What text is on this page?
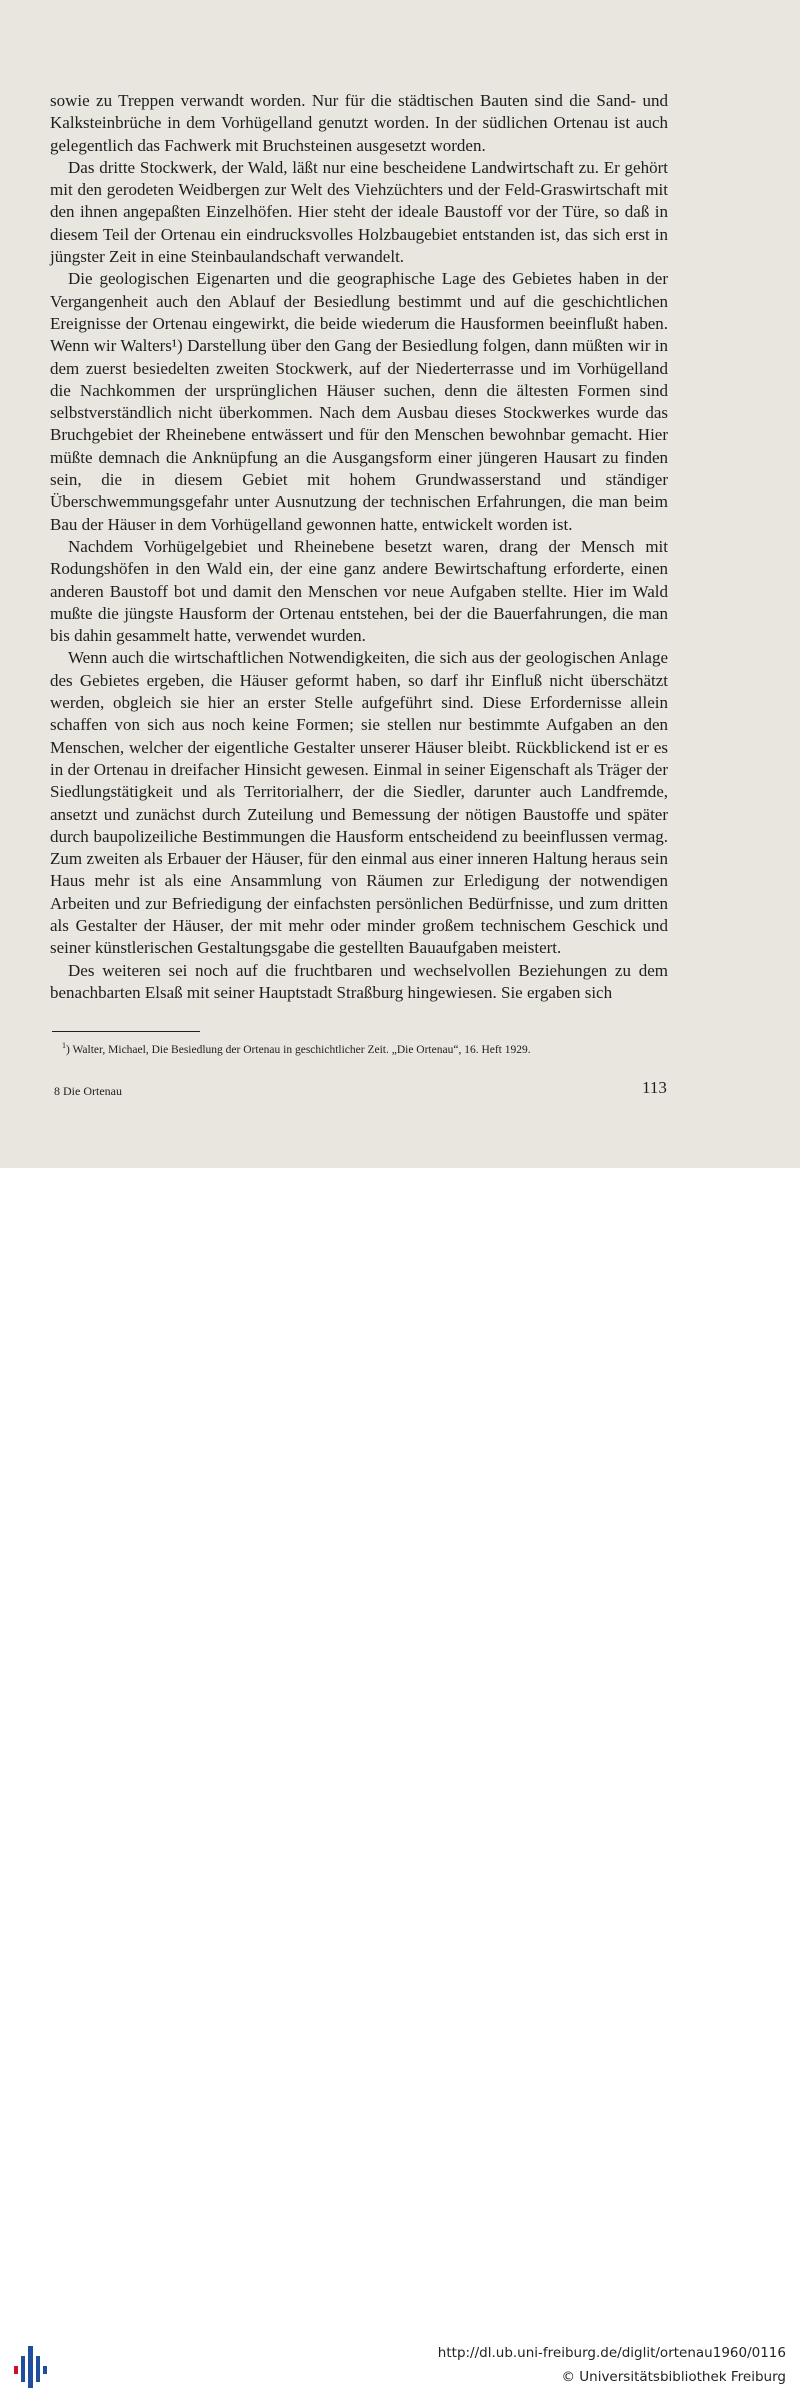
sowie zu Treppen verwandt worden. Nur für die städtischen Bauten sind die Sand- und Kalksteinbrüche in dem Vorhügelland genutzt worden. In der südlichen Ortenau ist auch gelegentlich das Fachwerk mit Bruchsteinen ausgesetzt worden.

Das dritte Stockwerk, der Wald, läßt nur eine bescheidene Landwirtschaft zu. Er gehört mit den gerodeten Weidbergen zur Welt des Viehzüchters und der Feld-Graswirtschaft mit den ihnen angepaßten Einzelhöfen. Hier steht der ideale Baustoff vor der Türe, so daß in diesem Teil der Ortenau ein eindrucksvolles Holzbaugebiet entstanden ist, das sich erst in jüngster Zeit in eine Steinbaulandschaft verwandelt.

Die geologischen Eigenarten und die geographische Lage des Gebietes haben in der Vergangenheit auch den Ablauf der Besiedlung bestimmt und auf die geschichtlichen Ereignisse der Ortenau eingewirkt, die beide wiederum die Hausformen beeinflußt haben. Wenn wir Walters¹) Darstellung über den Gang der Besiedlung folgen, dann müßten wir in dem zuerst besiedelten zweiten Stockwerk, auf der Niederterrasse und im Vorhügelland die Nachkommen der ursprünglichen Häuser suchen, denn die ältesten Formen sind selbstverständlich nicht überkommen. Nach dem Ausbau dieses Stockwerkes wurde das Bruchgebiet der Rheinebene entwässert und für den Menschen bewohnbar gemacht. Hier müßte demnach die Anknüpfung an die Ausgangsform einer jüngeren Hausart zu finden sein, die in diesem Gebiet mit hohem Grundwasserstand und ständiger Überschwemmungsgefahr unter Ausnutzung der technischen Erfahrungen, die man beim Bau der Häuser in dem Vorhügelland gewonnen hatte, entwickelt worden ist.

Nachdem Vorhügelgebiet und Rheinebene besetzt waren, drang der Mensch mit Rodungshöfen in den Wald ein, der eine ganz andere Bewirtschaftung erforderte, einen anderen Baustoff bot und damit den Menschen vor neue Aufgaben stellte. Hier im Wald mußte die jüngste Hausform der Ortenau entstehen, bei der die Bauerfahrungen, die man bis dahin gesammelt hatte, verwendet wurden.

Wenn auch die wirtschaftlichen Notwendigkeiten, die sich aus der geologischen Anlage des Gebietes ergeben, die Häuser geformt haben, so darf ihr Einfluß nicht überschätzt werden, obgleich sie hier an erster Stelle aufgeführt sind. Diese Erfordernisse allein schaffen von sich aus noch keine Formen; sie stellen nur bestimmte Aufgaben an den Menschen, welcher der eigentliche Gestalter unserer Häuser bleibt. Rückblickend ist er es in der Ortenau in dreifacher Hinsicht gewesen. Einmal in seiner Eigenschaft als Träger der Siedlungstätigkeit und als Territorialherr, der die Siedler, darunter auch Landfremde, ansetzt und zunächst durch Zuteilung und Bemessung der nötigen Baustoffe und später durch baupolizeiliche Bestimmungen die Hausform entscheidend zu beeinflussen vermag. Zum zweiten als Erbauer der Häuser, für den einmal aus einer inneren Haltung heraus sein Haus mehr ist als eine Ansammlung von Räumen zur Erledigung der notwendigen Arbeiten und zur Befriedigung der einfachsten persönlichen Bedürfnisse, und zum dritten als Gestalter der Häuser, der mit mehr oder minder großem technischem Geschick und seiner künstlerischen Gestaltungsgabe die gestellten Bauaufgaben meistert.

Des weiteren sei noch auf die fruchtbaren und wechselvollen Beziehungen zu dem benachbarten Elsaß mit seiner Hauptstadt Straßburg hingewiesen. Sie ergaben sich

$^1$) Walter, Michael, Die Besiedlung der Ortenau in geschichtlicher Zeit. „Die Ortenau“, 16. Heft 1929.
8 Die Ortenau	113
http://dl.ub.uni-freiburg.de/diglit/ortenau1960/0116
© Universitätsbibliothek Freiburg
